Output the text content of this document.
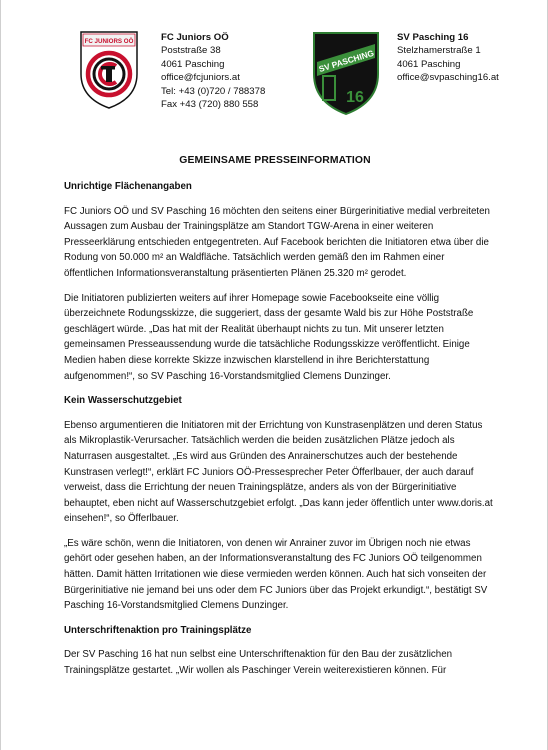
FC JUNIORS OÖ	FC Juniors OÖ
Poststraße 38
4061 Pasching
office@fcjuniors.at
Tel: +43 (0)720 / 788378
Fax +43 (720) 880 558
SV PASCHING
16
SV Pasching 16
Stelzhamerstraße 1
4061 Pasching
office@svpasching16.at
GEMEINSAME PRESSEINFORMATION
Unrichtige Flächenangaben

FC Juniors OÖ und SV Pasching 16 möchten den seitens einer Bürgerinitiative medial verbreiteten Aussagen zum Ausbau der Trainingsplätze am Standort TGW-Arena in einer weiteren Presseerklärung entschieden entgegentreten. Auf Facebook berichten die Initiatoren etwa über die Rodung von 50.000 m² an Waldfläche. Tatsächlich werden gemäß den im Rahmen einer öffentlichen Informationsveranstaltung präsentierten Plänen 25.320 m² gerodet.

Die Initiatoren publizierten weiters auf ihrer Homepage sowie Facebookseite eine völlig überzeichnete Rodungsskizze, die suggeriert, dass der gesamte Wald bis zur Höhe Poststraße geschlägert würde. „Das hat mit der Realität überhaupt nichts zu tun. Mit unserer letzten gemeinsamen Presseaussendung wurde die tatsächliche Rodungsskizze veröffentlicht. Einige Medien haben diese korrekte Skizze inzwischen klarstellend in ihre Berichterstattung aufgenommen!“, so SV Pasching 16-Vorstandsmitglied Clemens Dunzinger.

Kein Wasserschutzgebiet

Ebenso argumentieren die Initiatoren mit der Errichtung von Kunstrasenplätzen und deren Status als Mikroplastik-Verursacher. Tatsächlich werden die beiden zusätzlichen Plätze jedoch als Naturrasen ausgestaltet. „Es wird aus Gründen des Anrainerschutzes auch der bestehende Kunstrasen verlegt!“, erklärt FC Juniors OÖ-Pressesprecher Peter Öfferlbauer, der auch darauf verweist, dass die Errichtung der neuen Trainingsplätze, anders als von der Bürgerinitiative behauptet, eben nicht auf Wasserschutzgebiet erfolgt. „Das kann jeder öffentlich unter www.doris.at einsehen!“, so Öfferlbauer.

„Es wäre schön, wenn die Initiatoren, von denen wir Anrainer zuvor im Übrigen noch nie etwas gehört oder gesehen haben, an der Informationsveranstaltung des FC Juniors OÖ teilgenommen hätten. Damit hätten Irritationen wie diese vermieden werden können. Auch hat sich vonseiten der Bürgerinitiative nie jemand bei uns oder dem FC Juniors über das Projekt erkundigt.“, bestätigt SV Pasching 16-Vorstandsmitglied Clemens Dunzinger.

Unterschriftenaktion pro Trainingsplätze

Der SV Pasching 16 hat nun selbst eine Unterschriftenaktion für den Bau der zusätzlichen Trainingsplätze gestartet. „Wir wollen als Paschinger Verein weiterexistieren können. Für
